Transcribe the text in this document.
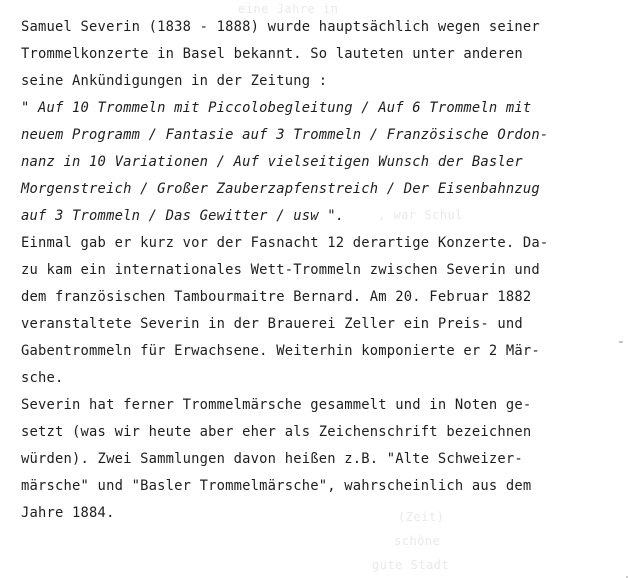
eine Jahre in
, war Schul
(Zeit)
schöne
gute Stadt
Samuel Severin (1838 - 1888) wurde hauptsächlich wegen seiner
Trommelkonzerte in Basel bekannt. So lauteten unter anderen
seine Ankündigungen in der Zeitung :
" Auf 10 Trommeln mit Piccolobegleitung / Auf 6 Trommeln mit
neuem Programm / Fantasie auf 3 Trommeln / Französische Ordon-
nanz in 10 Variationen / Auf vielseitigen Wunsch der Basler
Morgenstreich / Großer Zauberzapfenstreich / Der Eisenbahnzug
auf 3 Trommeln / Das Gewitter / usw ".
Einmal gab er kurz vor der Fasnacht 12 derartige Konzerte. Da-
zu kam ein internationales Wett-Trommeln zwischen Severin und
dem französischen Tambourmaitre Bernard. Am 20. Februar 1882
veranstaltete Severin in der Brauerei Zeller ein Preis- und
Gabentrommeln für Erwachsene. Weiterhin komponierte er 2 Mär-
sche.
Severin hat ferner Trommelmärsche gesammelt und in Noten ge-
setzt (was wir heute aber eher als Zeichenschrift bezeichnen
würden). Zwei Sammlungen davon heißen z.B. "Alte Schweizer-
märsche" und "Basler Trommelmärsche", wahrscheinlich aus dem
Jahre 1884.
